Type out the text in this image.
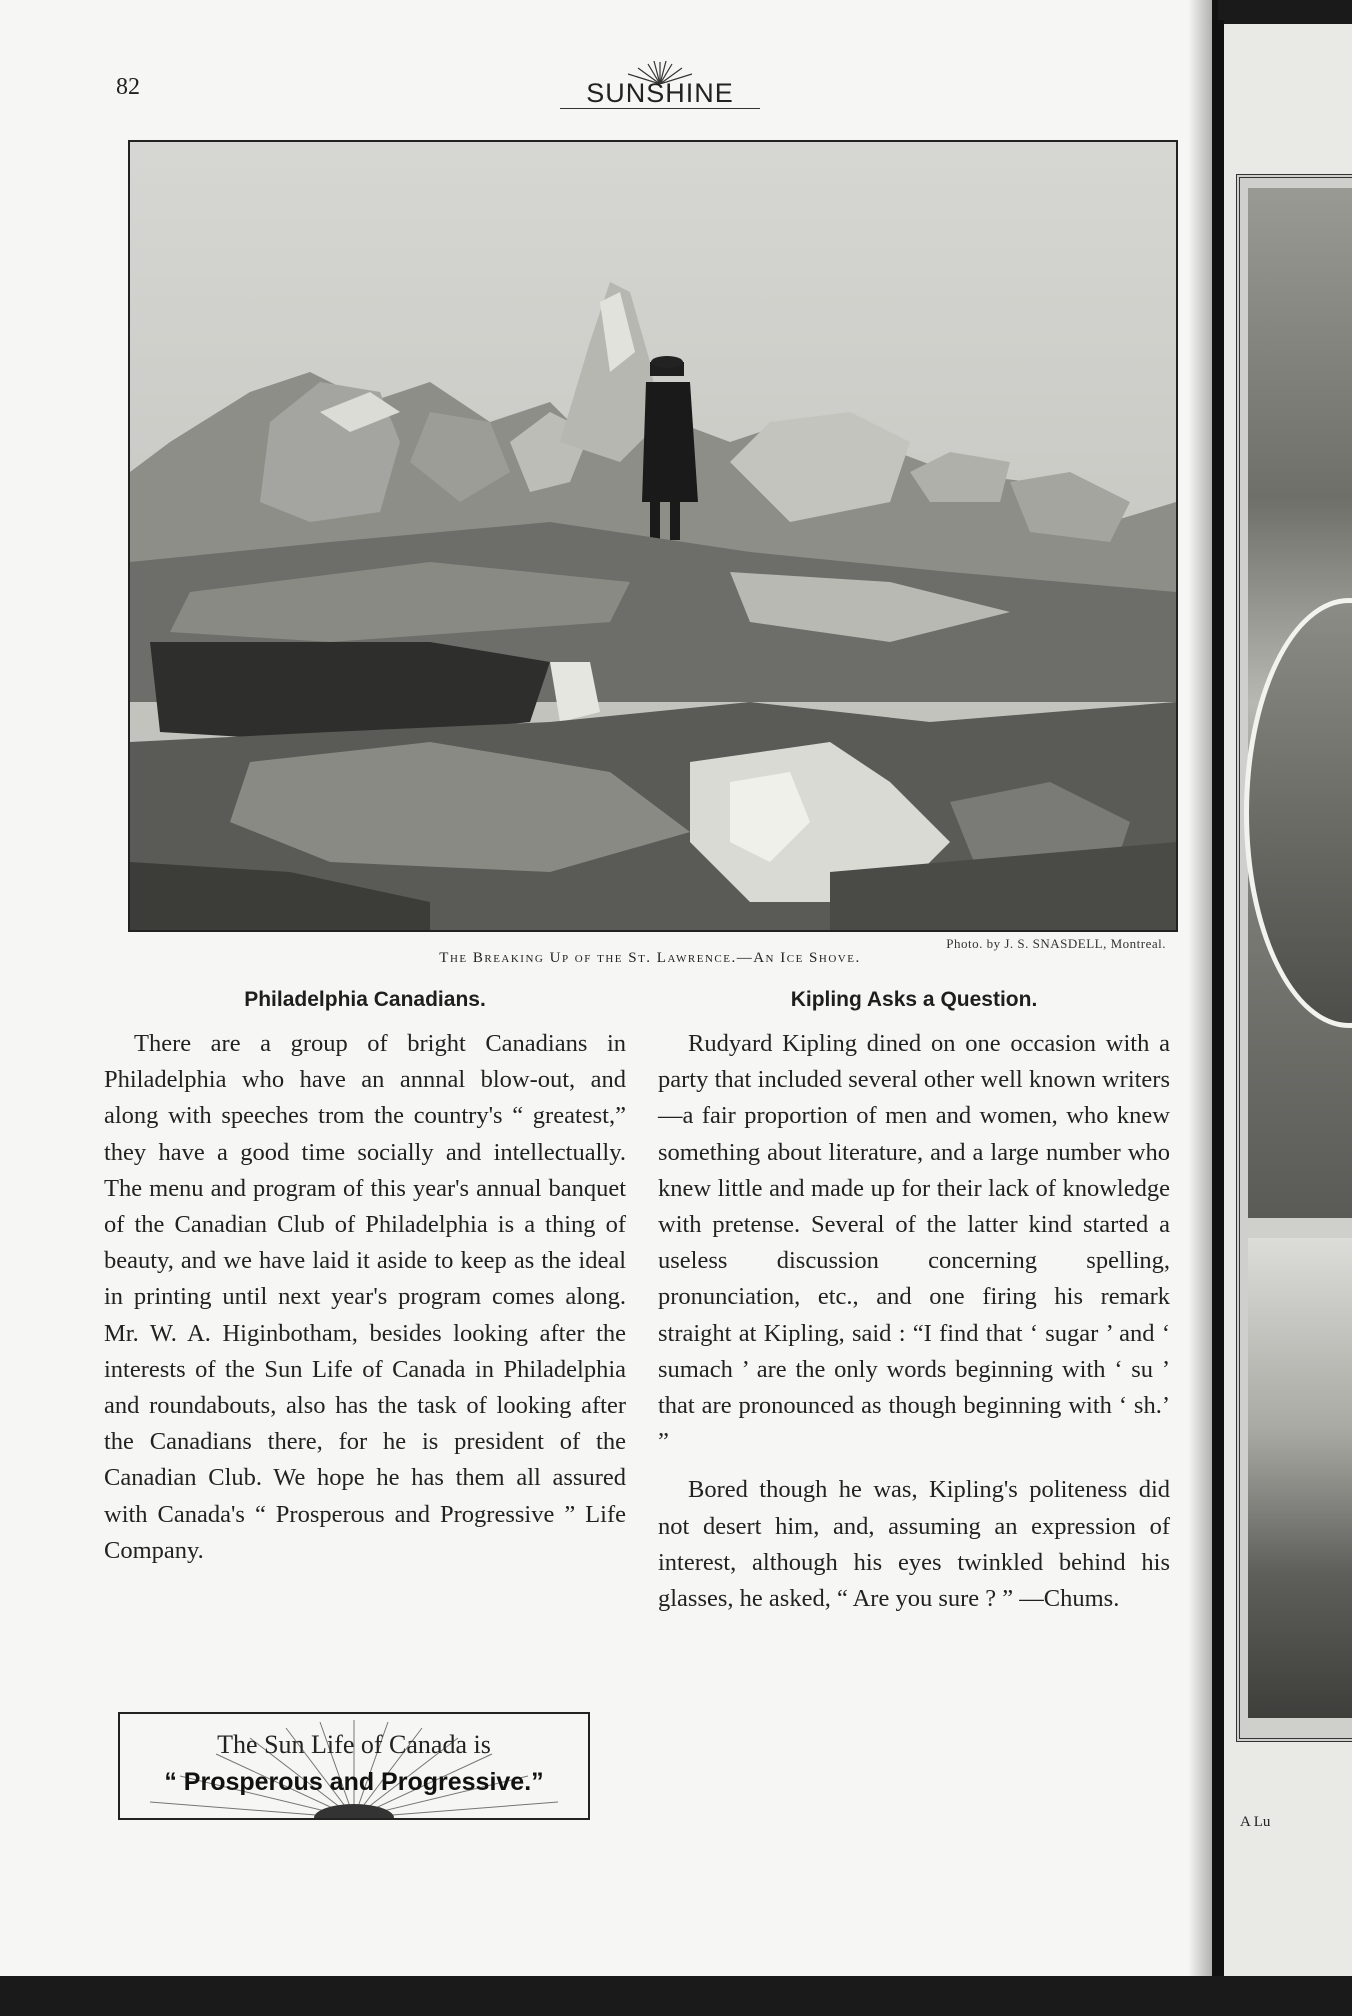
82	SUNSHINE
Photo. by J. S. SNASDELL, Montreal.
The Breaking Up of the St. Lawrence.—An Ice Shove.
Philadelphia Canadians.

There are a group of bright Canadians in Philadelphia who have an annnal blow-out, and along with speeches trom the country's “ greatest,” they have a good time socially and intellectually. The menu and program of this year's annual banquet of the Canadian Club of Philadelphia is a thing of beauty, and we have laid it aside to keep as the ideal in printing until next year's program comes along. Mr. W. A. Higinbotham, besides looking after the interests of the Sun Life of Canada in Philadelphia and roundabouts, also has the task of looking after the Canadians there, for he is president of the Canadian Club. We hope he has them all assured with Canada's “ Prosperous and Progressive ” Life Company.

Kipling Asks a Question.

Rudyard Kipling dined on one occasion with a party that included several other well known writers—a fair proportion of men and women, who knew something about literature, and a large number who knew little and made up for their lack of knowledge with pretense. Several of the latter kind started a useless discussion concerning spelling, pronunciation, etc., and one firing his remark straight at Kipling, said : “I find that ‘ sugar ’ and ‘ sumach ’ are the only words beginning with ‘ su ’ that are pronounced as though beginning with ‘ sh.’ ”

Bored though he was, Kipling's politeness did not desert him, and, assuming an expression of interest, although his eyes twinkled behind his glasses, he asked, “ Are you sure ? ” —Chums.

The Sun Life of Canada is
“ Prosperous and Progressive.”
A Lu
